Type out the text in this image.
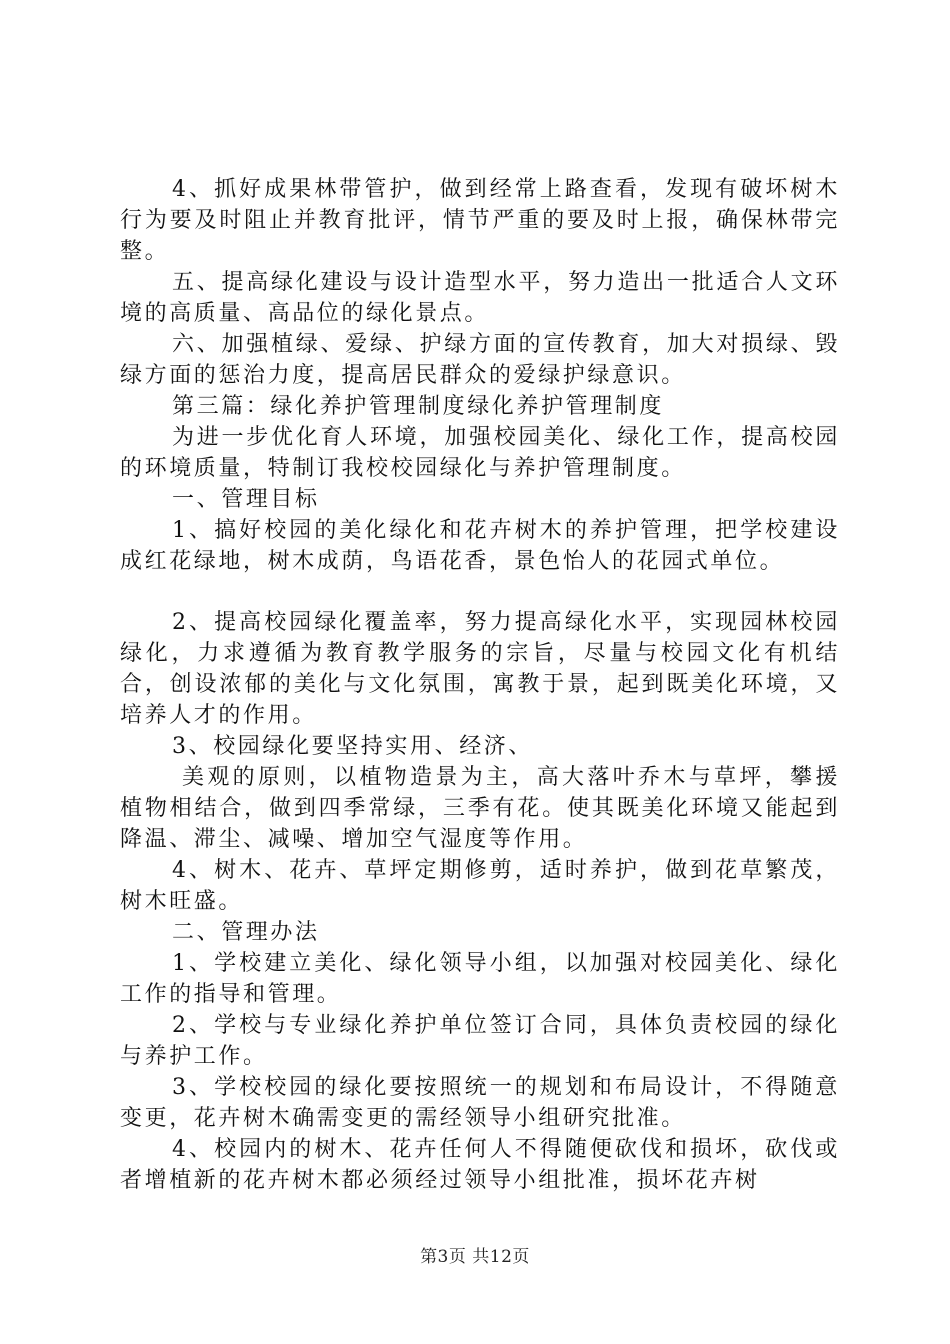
4、抓好成果林带管护，做到经常上路查看，发现有破坏树木行为要及时阻止并教育批评，情节严重的要及时上报，确保林带完整。

五、提高绿化建设与设计造型水平，努力造出一批适合人文环境的高质量、高品位的绿化景点。

六、加强植绿、爱绿、护绿方面的宣传教育，加大对损绿、毁绿方面的惩治力度，提高居民群众的爱绿护绿意识。

第三篇：绿化养护管理制度绿化养护管理制度

为进一步优化育人环境，加强校园美化、绿化工作，提高校园的环境质量，特制订我校校园绿化与养护管理制度。

一、管理目标

1、搞好校园的美化绿化和花卉树木的养护管理，把学校建设成红花绿地，树木成荫，鸟语花香，景色怡人的花园式单位。

2、提高校园绿化覆盖率，努力提高绿化水平，实现园林校园绿化，力求遵循为教育教学服务的宗旨，尽量与校园文化有机结合，创设浓郁的美化与文化氛围，寓教于景，起到既美化环境，又培养人才的作用。

3、校园绿化要坚持实用、经济、

美观的原则，以植物造景为主，高大落叶乔木与草坪，攀援植物相结合，做到四季常绿，三季有花。使其既美化环境又能起到降温、滞尘、减噪、增加空气湿度等作用。

4、树木、花卉、草坪定期修剪，适时养护，做到花草繁茂，树木旺盛。

二、管理办法

1、学校建立美化、绿化领导小组，以加强对校园美化、绿化工作的指导和管理。

2、学校与专业绿化养护单位签订合同，具体负责校园的绿化与养护工作。

3、学校校园的绿化要按照统一的规划和布局设计，不得随意变更，花卉树木确需变更的需经领导小组研究批准。

4、校园内的树木、花卉任何人不得随便砍伐和损坏，砍伐或者增植新的花卉树木都必须经过领导小组批准，损坏花卉树

第3页 共12页
